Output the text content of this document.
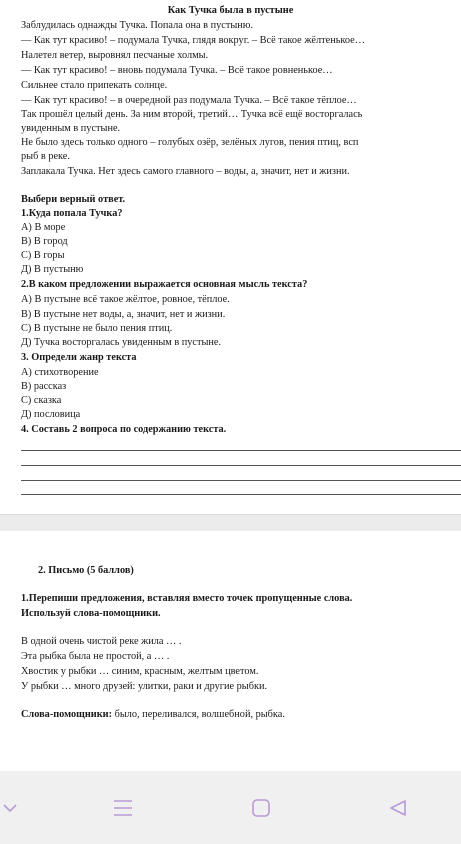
Как Тучка была в пустыне
Заблудилась однажды Тучка. Попала она в пустыню.
— Как тут красиво! – подумала Тучка, глядя вокруг. – Всё такое жёлтенькое…
Налетел ветер, выровнял песчаные холмы.
— Как тут красиво! – вновь подумала Тучка. – Всё такое ровненькое…
Сильнее стало припекать солнце.
— Как тут красиво! – в очередной раз подумала Тучка. – Всё такое тёплое…
Так прошёл целый день. За ним второй, третий… Тучка всё ещё восторгалась
увиденным в пустыне.
Не было здесь только одного – голубых озёр, зелёных лугов, пения птиц, всп
рыб в реке.
Заплакала Тучка. Нет здесь самого главного – воды, а, значит, нет и жизни.
Выбери верный ответ.
1.Куда попала Тучка?
А) В море
В) В город
С) В горы
Д) В пустыню
2.В каком предложении выражается основная мысль текста?
А) В пустыне всё такое жёлтое, ровное, тёплое.
В) В пустыне нет воды, а, значит, нет и жизни.
С) В пустыне не было пения птиц.
Д) Тучка восторгалась увиденным в пустыне.
3. Определи жанр текста
А) стихотворение
В) рассказ
С) сказка
Д) пословица
4. Составь 2 вопроса по содержанию текста.
2. Письмо (5 баллов)
1.Перепиши предложения, вставляя вместо точек пропущенные слова.
Используй слова-помощники.
В одной очень чистой реке жила … .
Эта рыбка была не простой, а … .
Хвостик у рыбки … синим, красным, желтым цветом.
У рыбки … много друзей: улитки, раки и другие рыбки.
Слова-помощники: было, переливался, волшебной, рыбка.
